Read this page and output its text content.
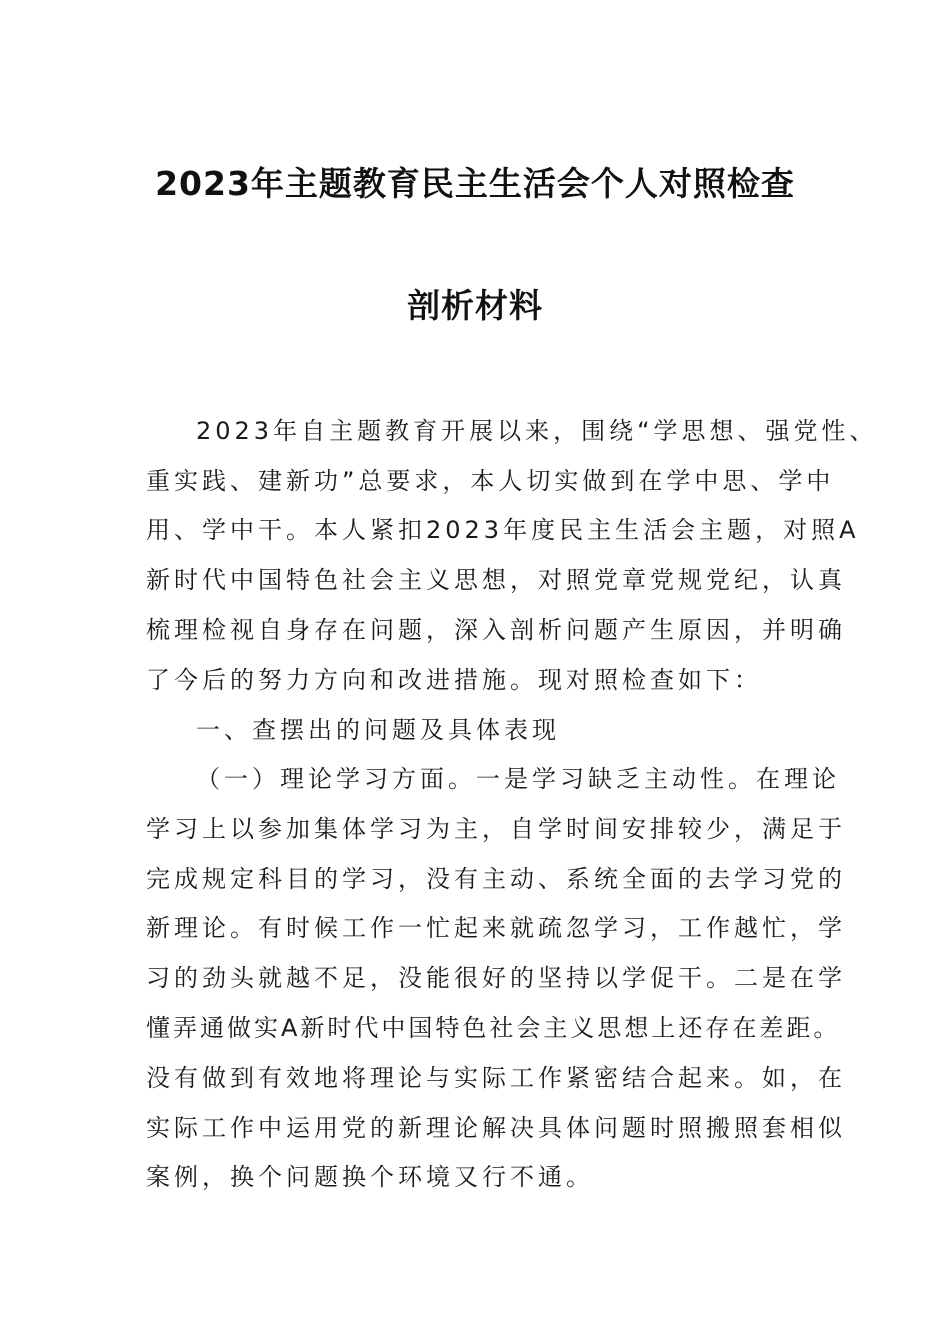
2023年主题教育民主生活会个人对照检查
剖析材料
2023年自主题教育开展以来，围绕“学思想、强党性、
重实践、建新功”总要求，本人切实做到在学中思、学中
用、学中干。本人紧扣2023年度民主生活会主题，对照A
新时代中国特色社会主义思想，对照党章党规党纪，认真
梳理检视自身存在问题，深入剖析问题产生原因，并明确
了今后的努力方向和改进措施。现对照检查如下：
一、查摆出的问题及具体表现
（一）理论学习方面。一是学习缺乏主动性。在理论
学习上以参加集体学习为主，自学时间安排较少，满足于
完成规定科目的学习，没有主动、系统全面的去学习党的
新理论。有时候工作一忙起来就疏忽学习，工作越忙，学
习的劲头就越不足，没能很好的坚持以学促干。二是在学
懂弄通做实A新时代中国特色社会主义思想上还存在差距。
没有做到有效地将理论与实际工作紧密结合起来。如，在
实际工作中运用党的新理论解决具体问题时照搬照套相似
案例，换个问题换个环境又行不通。
